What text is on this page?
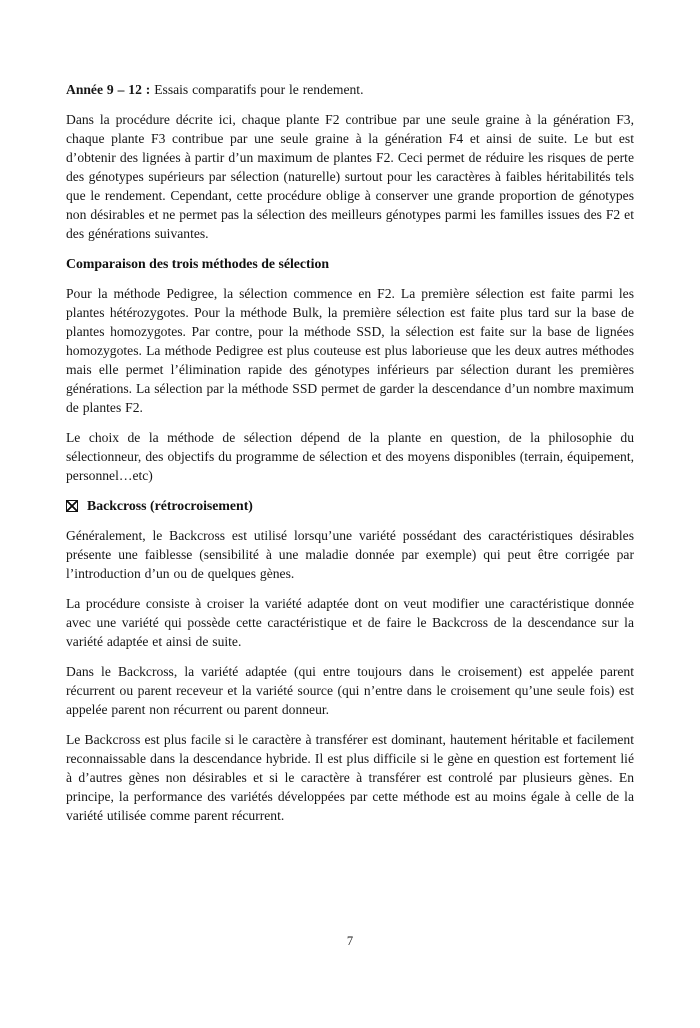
Année 9 – 12 : Essais comparatifs pour le rendement.

Dans la procédure décrite ici, chaque plante F2 contribue par une seule graine à la génération F3, chaque plante F3 contribue par une seule graine à la génération F4 et ainsi de suite. Le but est d’obtenir des lignées à partir d’un maximum de plantes F2. Ceci permet de réduire les risques de perte des génotypes supérieurs par sélection (naturelle) surtout pour les caractères à faibles héritabilités tels que le rendement. Cependant, cette procédure oblige à conserver une grande proportion de génotypes non désirables et ne permet pas la sélection des meilleurs génotypes parmi les familles issues des F2 et des générations suivantes.

Comparaison des trois méthodes de sélection

Pour la méthode Pedigree, la sélection commence en F2. La première sélection est faite parmi les plantes hétérozygotes. Pour la méthode Bulk, la première sélection est faite plus tard sur la base de plantes homozygotes. Par contre, pour la méthode SSD, la sélection est faite sur la base de lignées homozygotes. La méthode Pedigree est plus couteuse est plus laborieuse que les deux autres méthodes mais elle permet l’élimination rapide des génotypes inférieurs par sélection durant les premières générations. La sélection par la méthode SSD permet de garder la descendance d’un nombre maximum de plantes F2.

Le choix de la méthode de sélection dépend de la plante en question, de la philosophie du sélectionneur, des objectifs du programme de sélection et des moyens disponibles (terrain, équipement, personnel…etc)

Backcross (rétrocroisement)

Généralement, le Backcross est utilisé lorsqu’une variété possédant des caractéristiques désirables présente une faiblesse (sensibilité à une maladie donnée par exemple) qui peut être corrigée par l’introduction d’un ou de quelques gènes.

La procédure consiste à croiser la variété adaptée dont on veut modifier une caractéristique donnée avec une variété qui possède cette caractéristique et de faire le Backcross de la descendance sur la variété adaptée et ainsi de suite.

Dans le Backcross, la variété adaptée (qui entre toujours dans le croisement) est appelée parent récurrent ou parent receveur et la variété source (qui n’entre dans le croisement qu’une seule fois) est appelée parent non récurrent ou parent donneur.

Le Backcross est plus facile si le caractère à transférer est dominant, hautement héritable et facilement reconnaissable dans la descendance hybride. Il est plus difficile si le gène en question est fortement lié à d’autres gènes non désirables et si le caractère à transférer est controlé par plusieurs gènes. En principe, la performance des variétés développées par cette méthode est au moins égale à celle de la variété utilisée comme parent récurrent.

7
